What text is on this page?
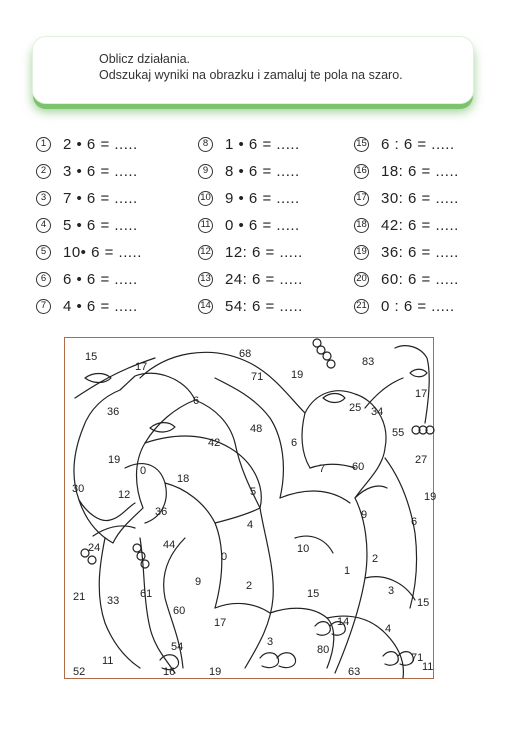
Oblicz działania.

Odszukaj wyniki na obrazku i zamaluj te pola na szaro.

1	2 • 6 = .....
2	3 • 6 = .....
3	7 • 6 = .....
4	5 • 6 = .....
5	10• 6 = .....
6	6 • 6 = .....
7	4 • 6 = .....
8	1 • 6 = .....
9	8 • 6 = .....
10 9 • 6 = .....
11 0 • 6 = .....
12 12: 6 = .....
13 24: 6 = .....
14 54: 6 = .....
15 6 : 6 = .....
16 18: 6 = .....
17 30: 6 = .....
18 42: 6 = .....
19 36: 6 = .....
20 60: 6 = .....
21 0 : 6 = .....
15
17
68
71	19
83
36
6
25 34
17
48
42	6
55
19
0
18
7 60
27
30	12	5
9
19
36
4	6
24	44	10
0
61
9
2
1
21 33
15	3
60
2
15
17
3
14
54
4
80
52
11
16	19	63
71
11
